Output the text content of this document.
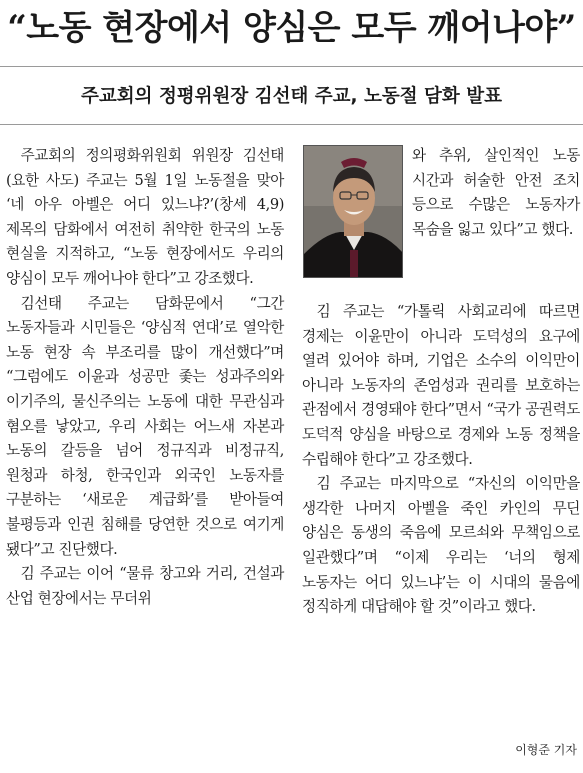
“노동 현장에서 양심은 모두 깨어나야”
주교회의 정평위원장 김선태 주교, 노동절 담화 발표

주교회의 정의평화위원회 위원장 김선태(요한 사도) 주교는 5월 1일 노동절을 맞아 ‘네 아우 아벨은 어디 있느냐?’(창세 4,9) 제목의 담화에서 여전히 취약한 한국의 노동 현실을 지적하고, “노동 현장에서도 우리의 양심이 모두 깨어나야 한다”고 강조했다.

김선태 주교는 담화문에서 “그간 노동자들과 시민들은 ‘양심적 연대’로 열악한 노동 현장 속 부조리를 많이 개선했다”며 “그럼에도 이윤과 성공만 좇는 성과주의와 이기주의, 물신주의는 노동에 대한 무관심과 혐오를 낳았고, 우리 사회는 어느새 자본과 노동의 갈등을 넘어 정규직과 비정규직, 원청과 하청, 한국인과 외국인 노동자를 구분하는 ‘새로운 계급화’를 받아들여 불평등과 인권 침해를 당연한 것으로 여기게 됐다”고 진단했다.

김 주교는 이어 “물류 창고와 거리, 건설과 산업 현장에서는 무더위

와 추위, 살인적인 노동 시간과 허술한 안전 조치 등으로 수많은 노동자가 목숨을 잃고 있다”고 했다.

김 주교는 “가톨릭 사회교리에 따르면 경제는 이윤만이 아니라 도덕성의 요구에 열려 있어야 하며, 기업은 소수의 이익만이 아니라 노동자의 존엄성과 권리를 보호하는 관점에서 경영돼야 한다”면서 “국가 공권력도 도덕적 양심을 바탕으로 경제와 노동 정책을 수립해야 한다”고 강조했다.

김 주교는 마지막으로 “자신의 이익만을 생각한 나머지 아벨을 죽인 카인의 무딘 양심은 동생의 죽음에 모르쇠와 무책임으로 일관했다”며 “이제 우리는 ‘너의 형제 노동자는 어디 있느냐’는 이 시대의 물음에 정직하게 대답해야 할 것”이라고 했다.

이형준 기자
